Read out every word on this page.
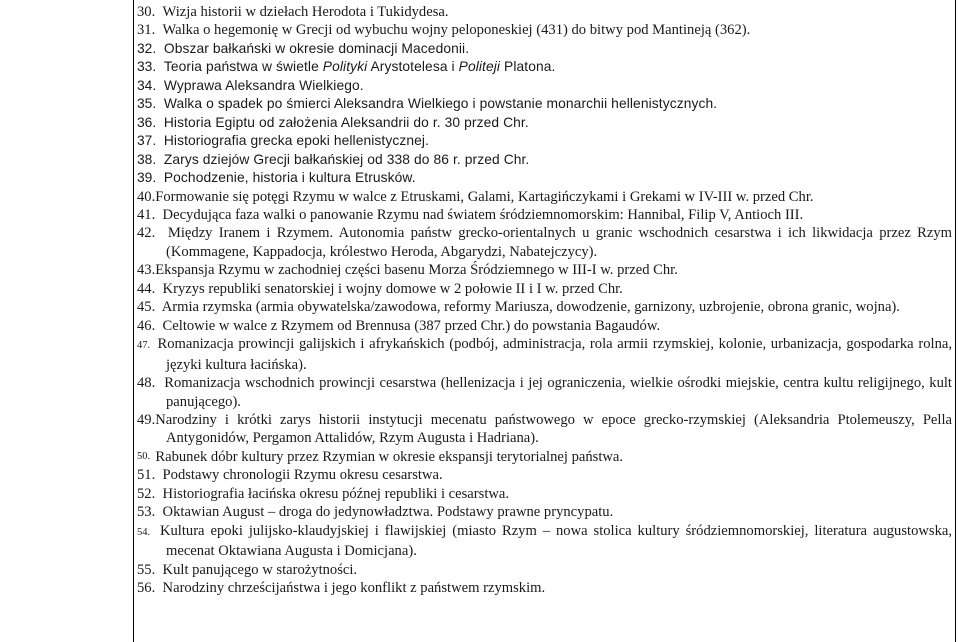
30. Wizja historii w dziełach Herodota i Tukidydesa.
31. Walka o hegemonię w Grecji od wybuchu wojny peloponeskiej (431) do bitwy pod Mantineją (362).
32. Obszar bałkański w okresie dominacji Macedonii.
33. Teoria państwa w świetle Polityki Arystotelesa i Politeji Platona.
34. Wyprawa Aleksandra Wielkiego.
35. Walka o spadek po śmierci Aleksandra Wielkiego i powstanie monarchii hellenistycznych.
36. Historia Egiptu od założenia Aleksandrii do r. 30 przed Chr.
37. Historiografia grecka epoki hellenistycznej.
38. Zarys dziejów Grecji bałkańskiej od 338 do 86 r. przed Chr.
39. Pochodzenie, historia i kultura Etrusków.
40. Formowanie się potęgi Rzymu w walce z Etruskami, Galami, Kartagińczykami i Grekami w IV-III w. przed Chr.
41. Decydująca faza walki o panowanie Rzymu nad światem śródziemnomorskim: Hannibal, Filip V, Antioch III.
42.  Między Iranem i Rzymem. Autonomia państw grecko-orientalnych u granic wschodnich cesarstwa i ich likwidacja przez Rzym (Kommagene, Kappadocja, królestwo Heroda, Abgarydzi, Nabatejczycy).
43. Ekspansja Rzymu w zachodniej części basenu Morza Śródziemnego w III-I w. przed Chr.
44. Kryzys republiki senatorskiej i wojny domowe w 2 połowie II i I w. przed Chr.
45.  Armia rzymska (armia obywatelska/zawodowa, reformy Mariusza, dowodzenie, garnizony, uzbrojenie, obrona granic, wojna).
46. Celtowie w walce z Rzymem od Brennusa (387 przed Chr.) do powstania Bagaudów.
47.  Romanizacja prowincji galijskich i afrykańskich (podbój, administracja, rola armii rzymskiej, kolonie, urbanizacja, gospodarka rolna, języki kultura łacińska).
48.  Romanizacja wschodnich prowincji cesarstwa (hellenizacja i jej ograniczenia, wielkie ośrodki miejskie, centra kultu religijnego, kult panującego).
49.Narodziny i krótki zarys historii instytucji mecenatu państwowego w epoce grecko-rzymskiej (Aleksandria Ptolemeuszy, Pella Antygonidów, Pergamon Attalidów, Rzym Augusta i Hadriana).
50. Rabunek dóbr kultury przez Rzymian w okresie ekspansji terytorialnej państwa.
51. Podstawy chronologii Rzymu okresu cesarstwa.
52. Historiografia łacińska okresu późnej republiki i cesarstwa.
53. Oktawian August – droga do jedynowładztwa. Podstawy prawne pryncypatu.
54.  Kultura epoki julijsko-klaudyjskiej i flawijskiej (miasto Rzym – nowa stolica kultury śródziemnomorskiej, literatura augustowska, mecenat Oktawiana Augusta i Domicjana).
55. Kult panującego w starożytności.
56. Narodziny chrześcijaństwa i jego konflikt z państwem rzymskim.
